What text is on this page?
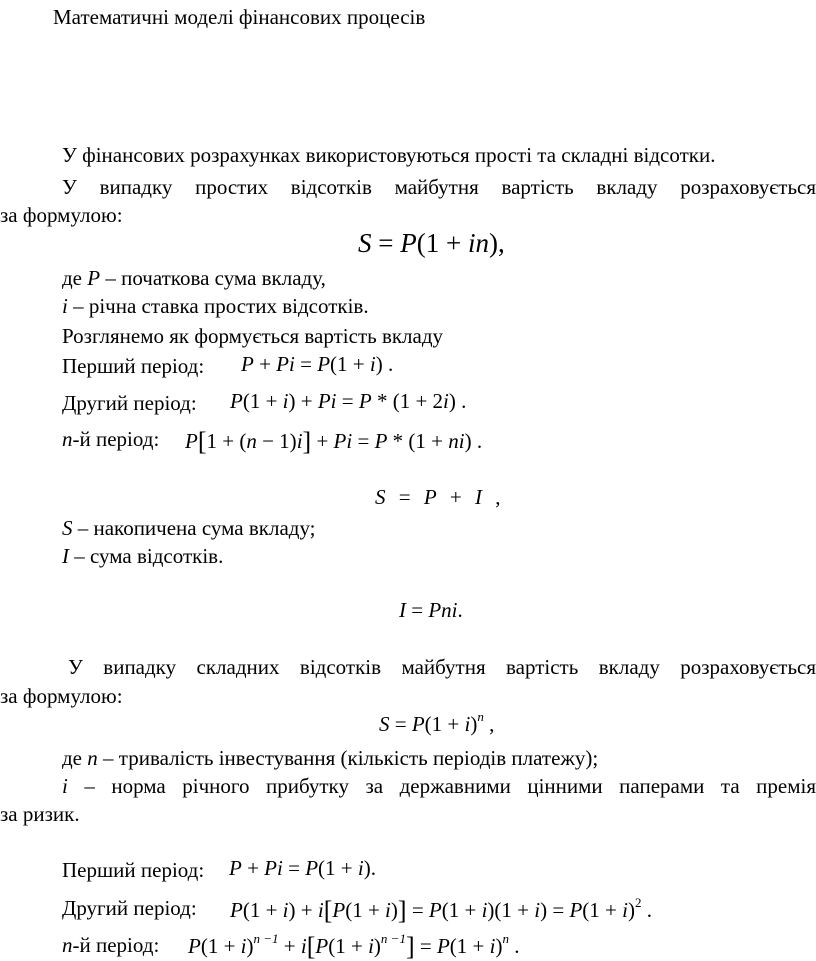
Математичні моделі фінансових процесів
У фінансових розрахунках використовуються прості та складні відсотки.
У випадку простих відсотків майбутня вартість вкладу розраховується
за формулою:
S = P(1 + in),
де P – початкова сума вкладу,
i – річна ставка простих відсотків.
Розглянемо як формується вартість вкладу
Перший період: P + Pi = P(1 + i) .
Другий період: P(1 + i) + Pi = P * (1 + 2i) .
n-й період: P[1 + (n − 1)i] + Pi = P * (1 + ni) .
S = P + I ,
S – накопичена сума вкладу;
I – сума відсотків.
I = Pni.
У випадку складних відсотків майбутня вартість вкладу розраховується
за формулою:
$S = P(1 + i)^n$ ,
де n – тривалість інвестування (кількість періодів платежу);
i – норма річного прибутку за державними цінними паперами та премія
за ризик.
Перший період: P + Pi = P(1 + i).
Другий період: $P(1 + i) + i[P(1 + i)] = P(1 + i)(1 + i) = P(1 + i)^2$ .
n-й період: $P(1 + i)^{n -1} + i[P(1 + i)^{n -1}] = P(1 + i)^n$ .
